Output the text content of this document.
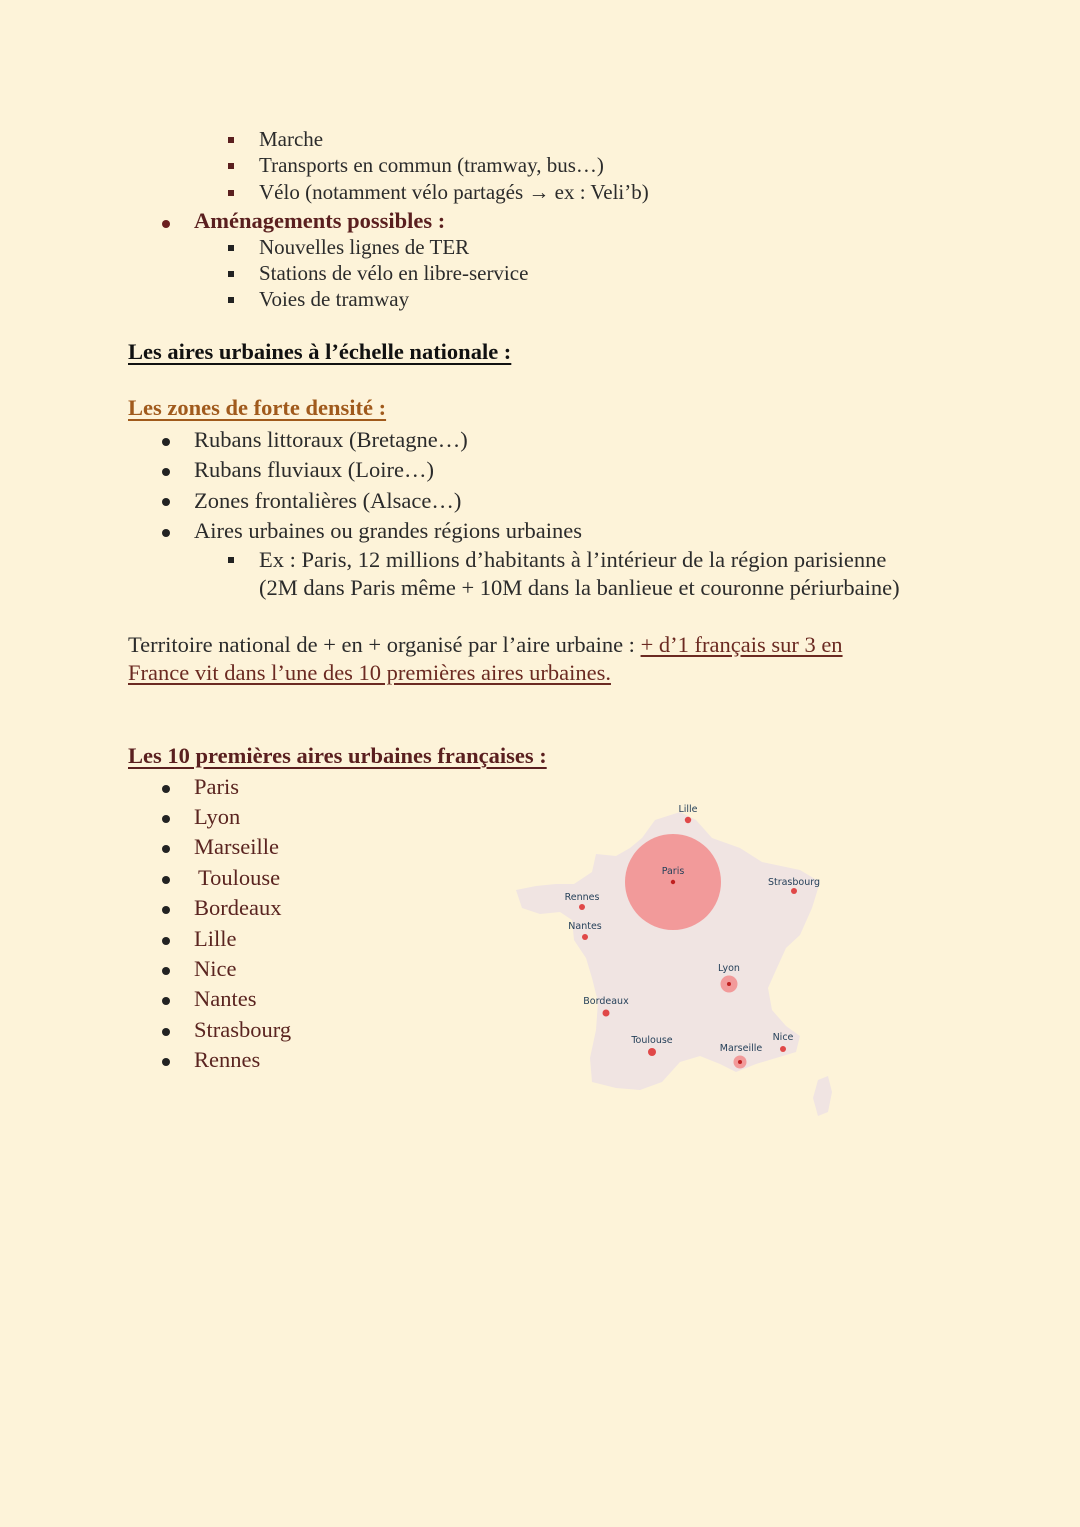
Marche
Transports en commun (tramway, bus…)
Vélo (notamment vélo partagés → ex : Veli’b)
Aménagements possibles :
Nouvelles lignes de TER
Stations de vélo en libre-service
Voies de tramway
Les aires urbaines à l’échelle nationale :
Les zones de forte densité :
Rubans littoraux (Bretagne…)
Rubans fluviaux (Loire…)
Zones frontalières (Alsace…)
Aires urbaines ou grandes régions urbaines
Ex : Paris, 12 millions d’habitants à l’intérieur de la région parisienne
(2M dans Paris même + 10M dans la banlieue et couronne périurbaine)
Territoire national de + en + organisé par l’aire urbaine : + d’1 français sur 3 en
France vit dans l’une des 10 premières aires urbaines.
Les 10 premières aires urbaines françaises :
Paris
Lyon
Marseille
Toulouse
Bordeaux
Lille
Nice
Nantes
Strasbourg
Rennes
Lille
Paris
Strasbourg
Rennes
Nantes
Lyon
Bordeaux
Toulouse
Marseille
Nice
